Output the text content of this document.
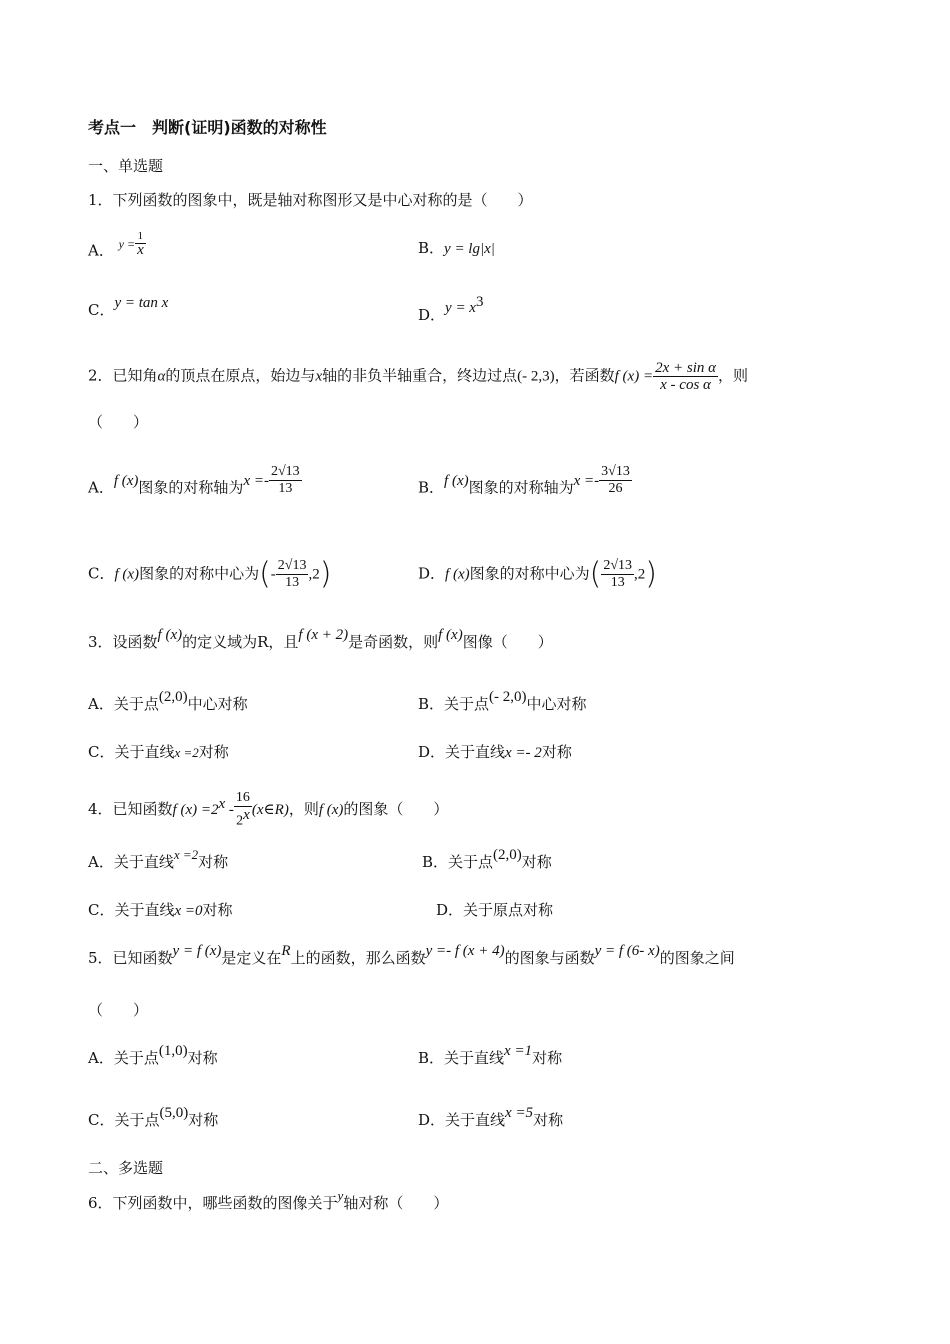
考点一　判断(证明)函数的对称性
一、单选题
1．下列函数的图象中，既是轴对称图形又是中心对称的是（　　）
A． $^{y =} \frac{1}{x}$	B．y = lg|x|
C．y = tan x
D．$y = x^3$
2．已知角α的顶点在原点，始边与x轴的非负半轴重合，终边过点(- 2,3)，若函数f $(x) = \frac{\text{2x + sin α}}{\text{x - cos α}}$ ，则
（　　）
A．f (x)图象的对称轴为$x =- \frac{2√13}{13}$	B．f (x)图象的对称轴为$x =- \frac{3√13}{26}$
C．f (x)图象的对称中心为(- $\frac{2√13}{13} ,2$)	D．f (x)图象的对称中心为( $\frac{2√13}{13} ,2$)
3．设函数f (x)的定义域为R，且f (x + 2)是奇函数，则f (x)图像（　　）
A．关于点(2,0)中心对称	B．关于点(- 2,0)中心对称
C．关于直线x =2对称	D．关于直线x =- 2对称
4．已知函数f $(x) =2^x - \frac{16}{2^x}$ (x∈R)，则f (x)的图象（　　）
A．关于直线x =2对称	B．关于点(2,0)对称
C．关于直线x =0对称	D．关于原点对称
5．已知函数y = f (x)是定义在R上的函数，那么函数y =- f (x + 4)的图象与函数y = f (6- x)的图象之间
（　　）
A．关于点(1,0)对称	B．关于直线x =1对称
C．关于点(5,0)对称	D．关于直线x =5对称
二、多选题
6．下列函数中，哪些函数的图像关于y轴对称（　　）
